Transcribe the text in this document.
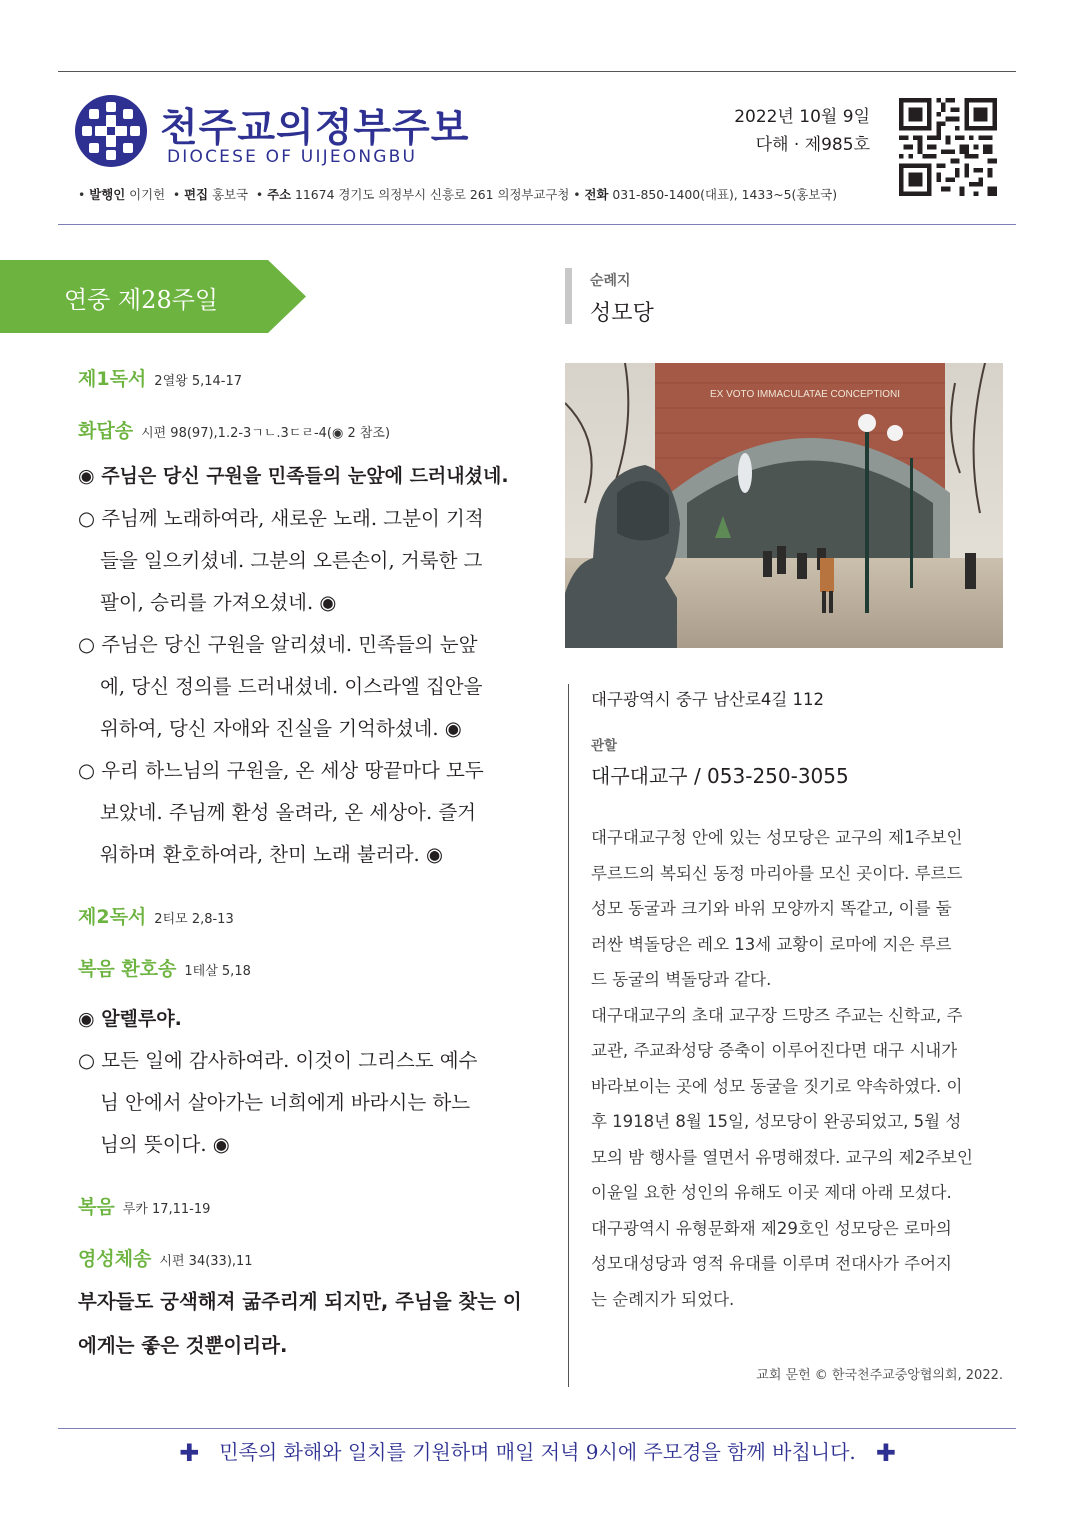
천주교의정부주보
DIOCESE OF UIJEONGBU
2022년 10월 9일
다해 · 제985호
• 발행인 이기헌  • 편집 홍보국  • 주소 11674 경기도 의정부시 신흥로 261 의정부교구청 • 전화 031-850-1400(대표), 1433~5(홍보국)
연중 제28주일
제1독서 2열왕 5,14-17
화답송 시편 98(97),1.2-3ㄱㄴ.3ㄷㄹ-4(◉ 2 참조)
◉ 주님은 당신 구원을 민족들의 눈앞에 드러내셨네.
○ 주님께 노래하여라, 새로운 노래. 그분이 기적
들을 일으키셨네. 그분의 오른손이, 거룩한 그
팔이, 승리를 가져오셨네. ◉
○ 주님은 당신 구원을 알리셨네. 민족들의 눈앞
에, 당신 정의를 드러내셨네. 이스라엘 집안을
위하여, 당신 자애와 진실을 기억하셨네. ◉
○ 우리 하느님의 구원을, 온 세상 땅끝마다 모두
보았네. 주님께 환성 올려라, 온 세상아. 즐거
워하며 환호하여라, 찬미 노래 불러라. ◉
제2독서 2티모 2,8-13
복음 환호송 1테살 5,18
◉ 알렐루야.
○ 모든 일에 감사하여라. 이것이 그리스도 예수
님 안에서 살아가는 너희에게 바라시는 하느
님의 뜻이다. ◉
복음 루카 17,11-19
영성체송 시편 34(33),11
부자들도 궁색해져 굶주리게 되지만, 주님을 찾는 이
에게는 좋은 것뿐이리라.
순례지
성모당
EX VOTO IMMACULATAE CONCEPTIONI
대구광역시 중구 남산로4길 112
관할
대구대교구 / 053-250-3055
대구대교구청 안에 있는 성모당은 교구의 제1주보인
루르드의 복되신 동정 마리아를 모신 곳이다. 루르드
성모 동굴과 크기와 바위 모양까지 똑같고, 이를 둘
러싼 벽돌당은 레오 13세 교황이 로마에 지은 루르
드 동굴의 벽돌당과 같다.
대구대교구의 초대 교구장 드망즈 주교는 신학교, 주
교관, 주교좌성당 증축이 이루어진다면 대구 시내가
바라보이는 곳에 성모 동굴을 짓기로 약속하였다. 이
후 1918년 8월 15일, 성모당이 완공되었고, 5월 성
모의 밤 행사를 열면서 유명해졌다. 교구의 제2주보인
이윤일 요한 성인의 유해도 이곳 제대 아래 모셨다.
대구광역시 유형문화재 제29호인 성모당은 로마의
성모대성당과 영적 유대를 이루며 전대사가 주어지
는 순례지가 되었다.
교회 문헌 © 한국천주교중앙협의회, 2022.
✚ 민족의 화해와 일치를 기원하며 매일 저녁 9시에 주모경을 함께 바칩니다. ✚
